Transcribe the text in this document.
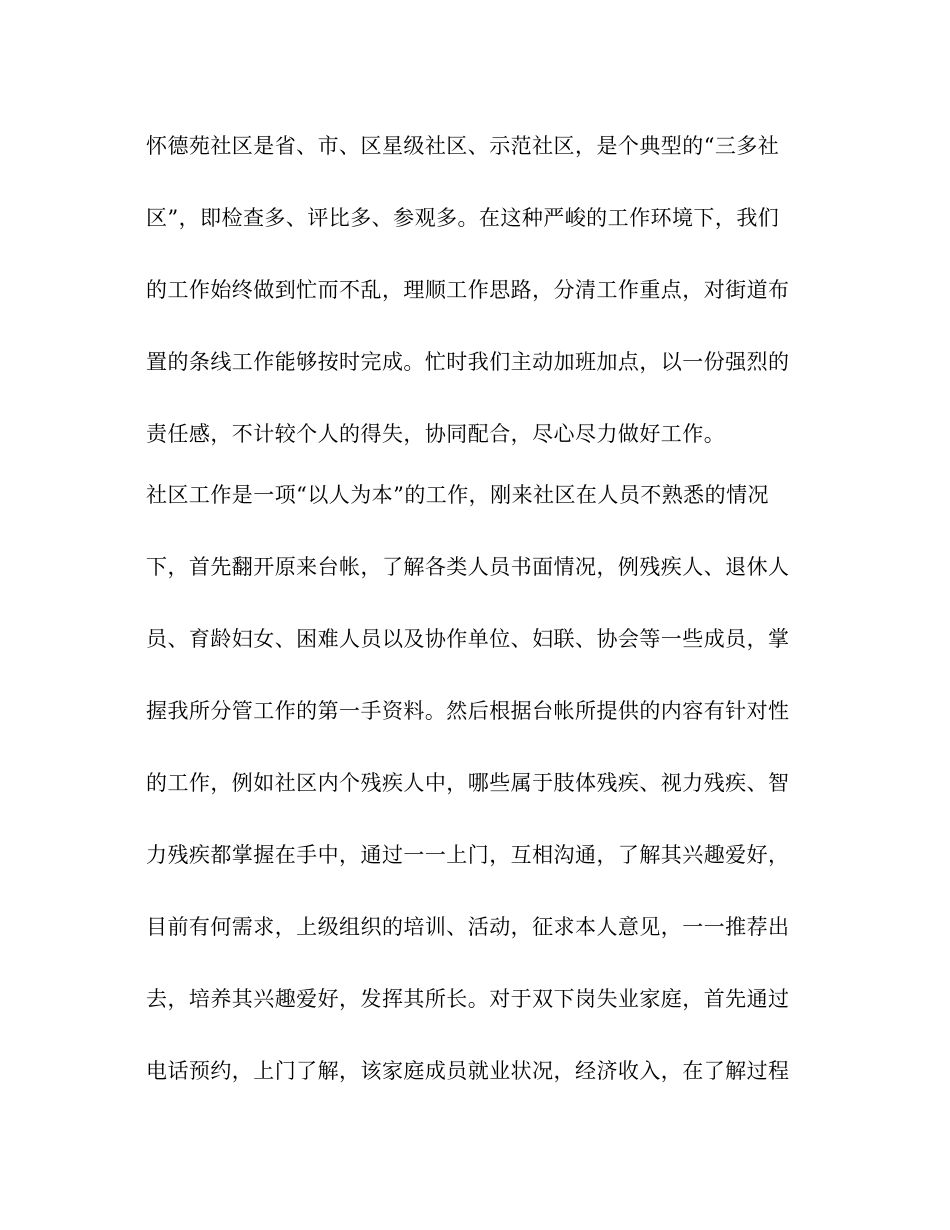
怀德苑社区是省、市、区星级社区、示范社区，是个典型的“三多社
区”，即检查多、评比多、参观多。在这种严峻的工作环境下，我们
的工作始终做到忙而不乱，理顺工作思路，分清工作重点，对街道布
置的条线工作能够按时完成。忙时我们主动加班加点，以一份强烈的
责任感，不计较个人的得失，协同配合，尽心尽力做好工作。
社区工作是一项“以人为本”的工作，刚来社区在人员不熟悉的情况
下，首先翻开原来台帐，了解各类人员书面情况，例残疾人、退休人
员、育龄妇女、困难人员以及协作单位、妇联、协会等一些成员，掌
握我所分管工作的第一手资料。然后根据台帐所提供的内容有针对性
的工作，例如社区内个残疾人中，哪些属于肢体残疾、视力残疾、智
力残疾都掌握在手中，通过一一上门，互相沟通，了解其兴趣爱好，
目前有何需求，上级组织的培训、活动，征求本人意见，一一推荐出
去，培养其兴趣爱好，发挥其所长。对于双下岗失业家庭，首先通过
电话预约，上门了解，该家庭成员就业状况，经济收入，在了解过程
